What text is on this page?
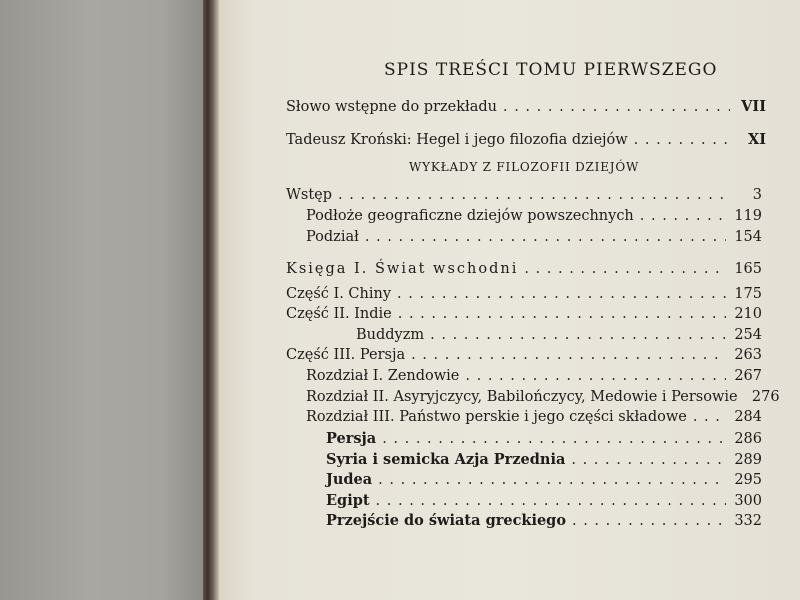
SPIS TREŚCI TOMU PIERWSZEGO
Słowo wstępne do przekładu . . .	VII
Tadeusz Kroński: Hegel i jego filozofia dziejów . . .	XI
WYKŁADY Z FILOZOFII DZIEJÓW
Wstęp . . .	3
Podłoże geograficzne dziejów powszechnych . . .	119
Podział . . .	154
Księga I. Świat wschodni . . .	165
Część I. Chiny . . .	175
Część II. Indie . . .	210
Buddyzm . . .	254
Część III. Persja . . .	263
Rozdział I. Zendowie . . .	267
Rozdział II. Asyryjczycy, Babilończycy, Medowie i Persowie 276
Rozdział III. Państwo perskie i jego części składowe . . .	284
Persja . . .	286
Syria i semicka Azja Przednia . . .	289
Judea . . .	295
Egipt . . .	300
Przejście do świata greckiego . . .	332
